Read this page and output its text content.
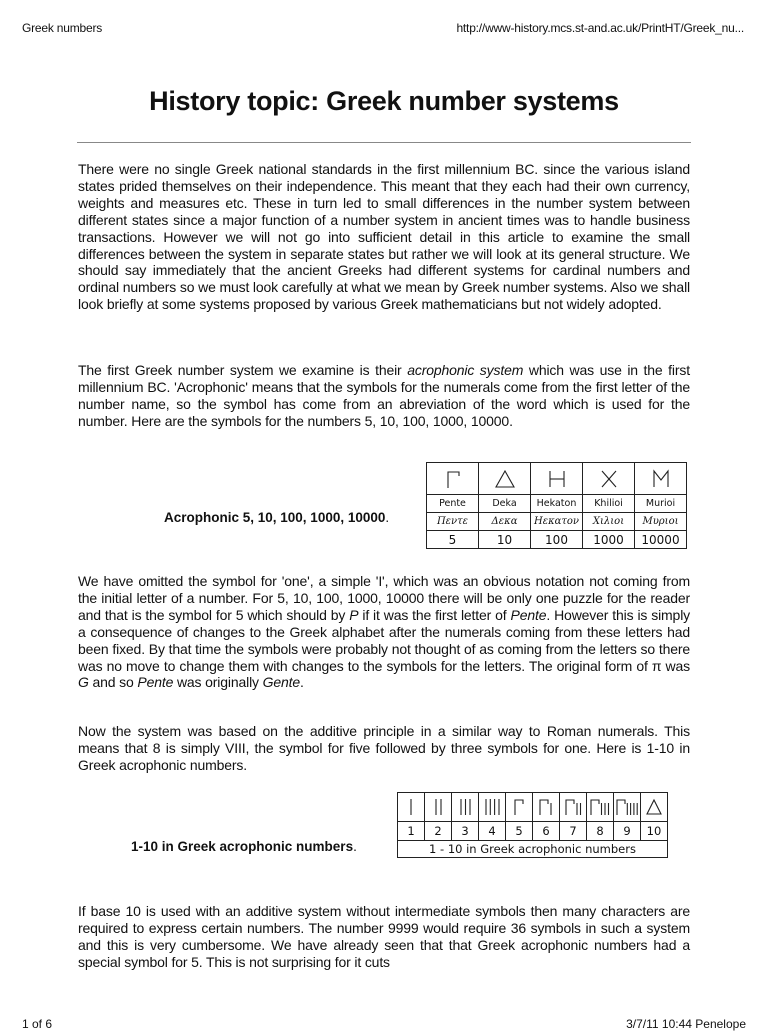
Greek numbers	http://www-history.mcs.st-and.ac.uk/PrintHT/Greek_nu...
History topic: Greek number systems

There were no single Greek national standards in the first millennium BC. since the various island states prided themselves on their independence. This meant that they each had their own currency, weights and measures etc. These in turn led to small differences in the number system between different states since a major function of a number system in ancient times was to handle business transactions. However we will not go into sufficient detail in this article to examine the small differences between the system in separate states but rather we will look at its general structure. We should say immediately that the ancient Greeks had different systems for cardinal numbers and ordinal numbers so we must look carefully at what we mean by Greek number systems. Also we shall look briefly at some systems proposed by various Greek mathematicians but not widely adopted.

The first Greek number system we examine is their acrophonic system which was use in the first millennium BC. 'Acrophonic' means that the symbols for the numerals come from the first letter of the number name, so the symbol has come from an abreviation of the word which is used for the number. Here are the symbols for the numbers 5, 10, 100, 1000, 10000.

Acrophonic 5, 10, 100, 1000, 10000.

Pente	Deka	Hekaton	Khilioi	Murioi
Πεντε	Δεκα	Ηεκατον	Χιλιοι	Μυριοι
5	10	100	1000	10000

We have omitted the symbol for 'one', a simple 'I', which was an obvious notation not coming from the initial letter of a number. For 5, 10, 100, 1000, 10000 there will be only one puzzle for the reader and that is the symbol for 5 which should by P if it was the first letter of Pente. However this is simply a consequence of changes to the Greek alphabet after the numerals coming from these letters had been fixed. By that time the symbols were probably not thought of as coming from the letters so there was no move to change them with changes to the symbols for the letters. The original form of π was G and so Pente was originally Gente.

Now the system was based on the additive principle in a similar way to Roman numerals. This means that 8 is simply VIII, the symbol for five followed by three symbols for one. Here is 1-10 in Greek acrophonic numbers.

1-10 in Greek acrophonic numbers.

1	2	3	4	5	6	7	8	9	10
1 - 10 in Greek acrophonic numbers									

If base 10 is used with an additive system without intermediate symbols then many characters are required to express certain numbers. The number 9999 would require 36 symbols in such a system and this is very cumbersome. We have already seen that that Greek acrophonic numbers had a special symbol for 5. This is not surprising for it cuts

1 of 6	3/7/11 10:44 Penelope
